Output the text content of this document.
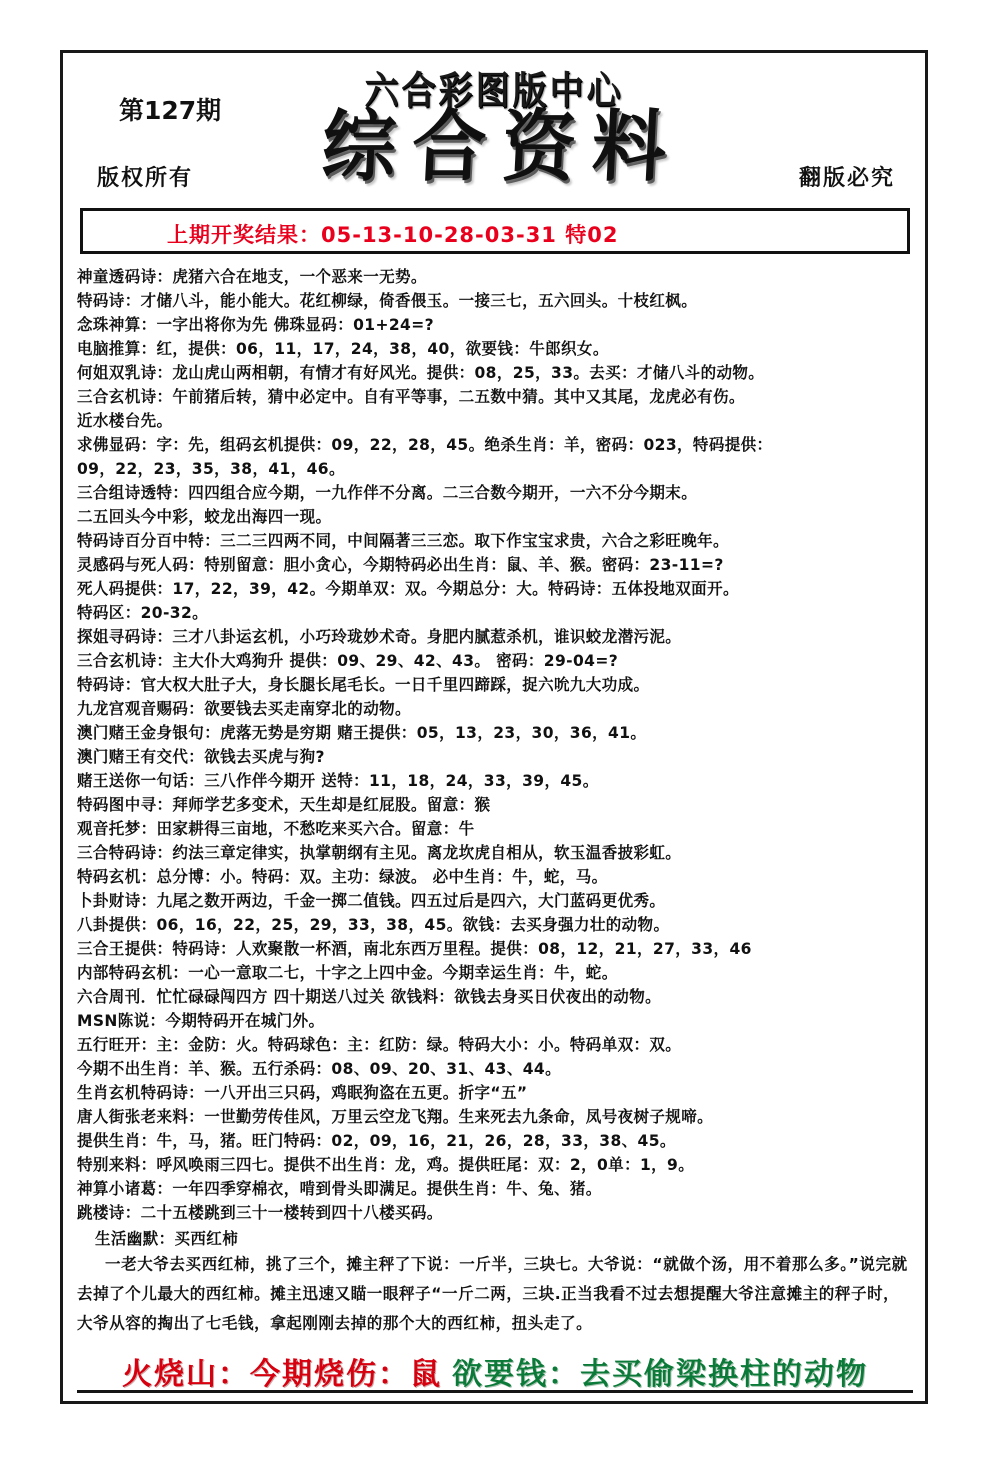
六合彩图版中心
综合资料
第127期
版权所有	翻版必究
上期开奖结果：05-13-10-28-03-31 特02
神童透码诗：虎猪六合在地支，一个恶来一无势。
特码诗：才储八斗，能小能大。花红柳绿，倚香偎玉。一接三七，五六回头。十枝红枫。
念珠神算：一字出将你为先 佛珠显码：01+24=?
电脑推算：红，提供：06，11，17，24，38，40，欲要钱：牛郎织女。
何姐双乳诗：龙山虎山两相朝，有情才有好风光。提供：08，25，33。去买：才储八斗的动物。
三合玄机诗：午前猪后转，猜中必定中。自有平等事，二五数中猜。其中又其尾，龙虎必有伤。
近水楼台先。
求佛显码：字：先，组码玄机提供：09，22，28，45。绝杀生肖：羊，密码：023，特码提供：
09，22，23，35，38，41，46。
三合组诗透特：四四组合应今期，一九作伴不分离。二三合数今期开，一六不分今期末。
二五回头今中彩，蛟龙出海四一现。
特码诗百分百中特：三二三四两不同，中间隔著三三恋。取下作宝宝求贵，六合之彩旺晚年。
灵感码与死人码：特别留意：胆小贪心，今期特码必出生肖：鼠、羊、猴。密码：23-11=?
死人码提供：17，22，39，42。今期单双：双。今期总分：大。特码诗：五体投地双面开。
特码区：20-32。
探姐寻码诗：三才八卦运玄机，小巧玲珑妙术奇。身肥内腻惹杀机，谁识蛟龙潜污泥。
三合玄机诗：主大仆大鸡狗升 提供：09、29、42、43。 密码：29-04=?
特码诗：官大权大肚子大，身长腿长尾毛长。一日千里四蹄踩，捉六吮九大功成。
九龙宫观音赐码：欲要钱去买走南穿北的动物。
澳门赌王金身银句：虎落无势是穷期 赌王提供：05，13，23，30，36，41。
澳门赌王有交代：欲钱去买虎与狗?
赌王送你一句话：三八作伴今期开 送特：11，18，24，33，39，45。
特码图中寻：拜师学艺多变术，天生却是红屁股。留意：猴
观音托梦：田家耕得三亩地，不愁吃来买六合。留意：牛
三合特码诗：约法三章定律实，执掌朝纲有主见。离龙坎虎自相从，软玉温香披彩虹。
特码玄机：总分博：小。特码：双。主功：绿波。 必中生肖：牛，蛇，马。
卜卦财诗：九尾之数开两边，千金一掷二值钱。四五过后是四六，大门蓝码更优秀。
八卦提供：06，16，22，25，29，33，38，45。欲钱：去买身强力壮的动物。
三合王提供：特码诗：人欢聚散一杯酒，南北东西万里程。提供：08，12，21，27，33，46
内部特码玄机：一心一意取二七，十字之上四中金。今期幸运生肖：牛，蛇。
六合周刊．忙忙碌碌闯四方 四十期送八过关 欲钱料：欲钱去身买日伏夜出的动物。
MSN陈说：今期特码开在城门外。
五行旺开：主：金防：火。特码球色：主：红防：绿。特码大小：小。特码单双：双。
今期不出生肖：羊、猴。五行杀码：08、09、20、31、43、44。
生肖玄机特码诗：一八开出三只码，鸡眠狗盗在五更。折字“五”
唐人街张老来料：一世勤劳传佳风，万里云空龙飞翔。生来死去九条命，凤号夜树子规啼。
提供生肖：牛，马，猪。旺门特码：02，09，16，21，26，28，33，38、45。
特别来料：呼风唤雨三四七。提供不出生肖：龙，鸡。提供旺尾：双：2，0单：1，9。
神算小诸葛：一年四季穿棉衣，啃到骨头即满足。提供生肖：牛、兔、猪。
跳楼诗：二十五楼跳到三十一楼转到四十八楼买码。
生活幽默：买西红柿
一老大爷去买西红柿，挑了三个，摊主秤了下说：一斤半，三块七。大爷说：“就做个汤，用不着那么多。”说完就去掉了个儿最大的西红柿。摊主迅速又瞄一眼秤子“一斤二两，三块.正当我看不过去想提醒大爷注意摊主的秤子时，大爷从容的掏出了七毛钱，拿起刚刚去掉的那个大的西红柿，扭头走了。
火烧山：今期烧伤：鼠 欲要钱：去买偷梁换柱的动物
